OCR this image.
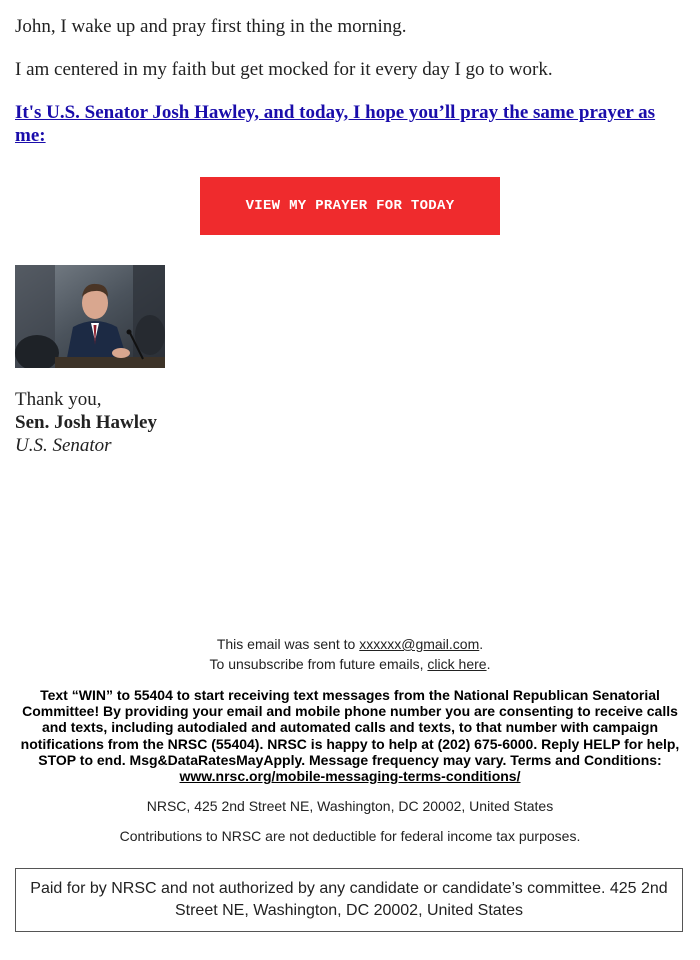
John, I wake up and pray first thing in the morning.

I am centered in my faith but get mocked for it every day I go to work.

It's U.S. Senator Josh Hawley, and today, I hope you’ll pray the same prayer as me:
VIEW MY PRAYER FOR TODAY
Thank you,
Sen. Josh Hawley
U.S. Senator
This email was sent to xxxxxx@gmail.com.
To unsubscribe from future emails, click here.
Text “WIN” to 55404 to start receiving text messages from the National Republican Senatorial Committee! By providing your email and mobile phone number you are consenting to receive calls and texts, including autodialed and automated calls and texts, to that number with campaign notifications from the NRSC (55404). NRSC is happy to help at (202) 675-6000. Reply HELP for help, STOP to end. Msg&DataRatesMayApply. Message frequency may vary. Terms and Conditions:
www.nrsc.org/mobile-messaging-terms-conditions/
NRSC, 425 2nd Street NE, Washington, DC 20002, United States
Contributions to NRSC are not deductible for federal income tax purposes.
Paid for by NRSC and not authorized by any candidate or candidate’s committee. 425 2nd Street NE, Washington, DC 20002, United States
